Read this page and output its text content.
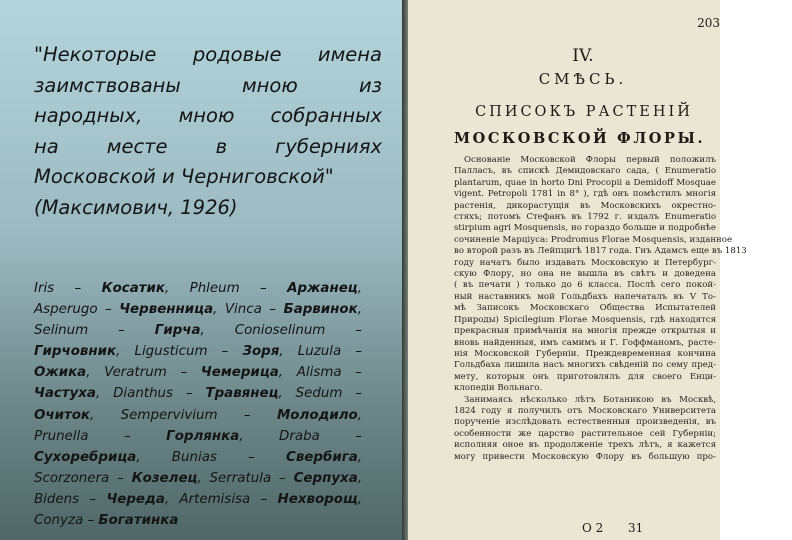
"Некоторые родовые имена
заимствованы мною из
народных, мною собранных
на месте в губерниях
Московской и Черниговской"
(Максимович, 1926)
Iris – Косатик, Phleum – Аржанец,
Asperugo – Червенница, Vinca – Барвинок,
Selinum – Гирча, Conioselinum –
Гирчовник, Ligusticum – Зоря, Luzula –
Ожика, Veratrum – Чемерица, Alisma –
Частуха, Dianthus – Травянец, Sedum –
Очиток, Sempervivium – Молодило,
Prunella – Горлянка, Draba –
Сухоребрица, Bunias – Свербига,
Scorzonera – Козелец, Serratula – Серпуха,
Bidens – Череда, Artemisisa – Нехворощ,
Conyza – Богатинка
203
IV.
СМѢСЬ.
СПИСОКЪ РАСТЕНІЙ
МОСКОВСКОЙ ФЛОРЫ.
Основаніе Московской Флоры первый положилъ
Палласъ, въ спискѣ Демидовскаго сада, ( Enumeratio
plantarum, quae in horto Dni Procopii a Demidoff Mosquae
vigent. Petropoli 1781 in 8° ), гдѣ онъ помѣстилъ многія
растенія, дикорастущія въ Московскихъ окрестно-
стяхъ; потомъ Стефанъ въ 1792 г. издалъ Enumeratio
stirpium agri Mosquensis, но гораздо больше и подробнѣе
сочиненіе Марціуса: Prodromus Florae Mosquensis, изданное
во второй разъ въ Лейпцигѣ 1817 года. Гнъ Адамсъ еще въ 1813
году начатъ было издавать Московскую и Петербург-
скую Флору, но она не вышла въ свѣтъ и доведена
( въ печати ) только до 6 класса. Послѣ сего покой-
ный наставникъ мой Гольдбахъ напечаталъ въ V То-
мѣ Записокъ Московскаго Общества Испытателей
Природы) Spicilegium Florae Mosquensis, гдѣ находятся
прекрасныя примѣчанія на многія прежде открытыя и
вновь найденныя, имъ самимъ и Г. Гоффманомъ, расте-
нія Московской Губерніи. Преждевременная кончина
Гольдбаха лишила насъ многихъ свѣденій по сему пред-
мету, которыя онъ приготовлялъ для своего Енци-
клопедіи Вольнаго.
Занимаясь нѣсколько лѣтъ Ботаникою въ Москвѣ,
1824 году я получилъ отъ Московскаго Университета
порученіе изслѣдовать естественныя произведенія, въ
особенности же царство растительное сей Губерніи;
исполняя оное въ продолженіе трехъ лѣтъ, я кажется
могу привести Московскую Флору въ большую про-
О 2 31
